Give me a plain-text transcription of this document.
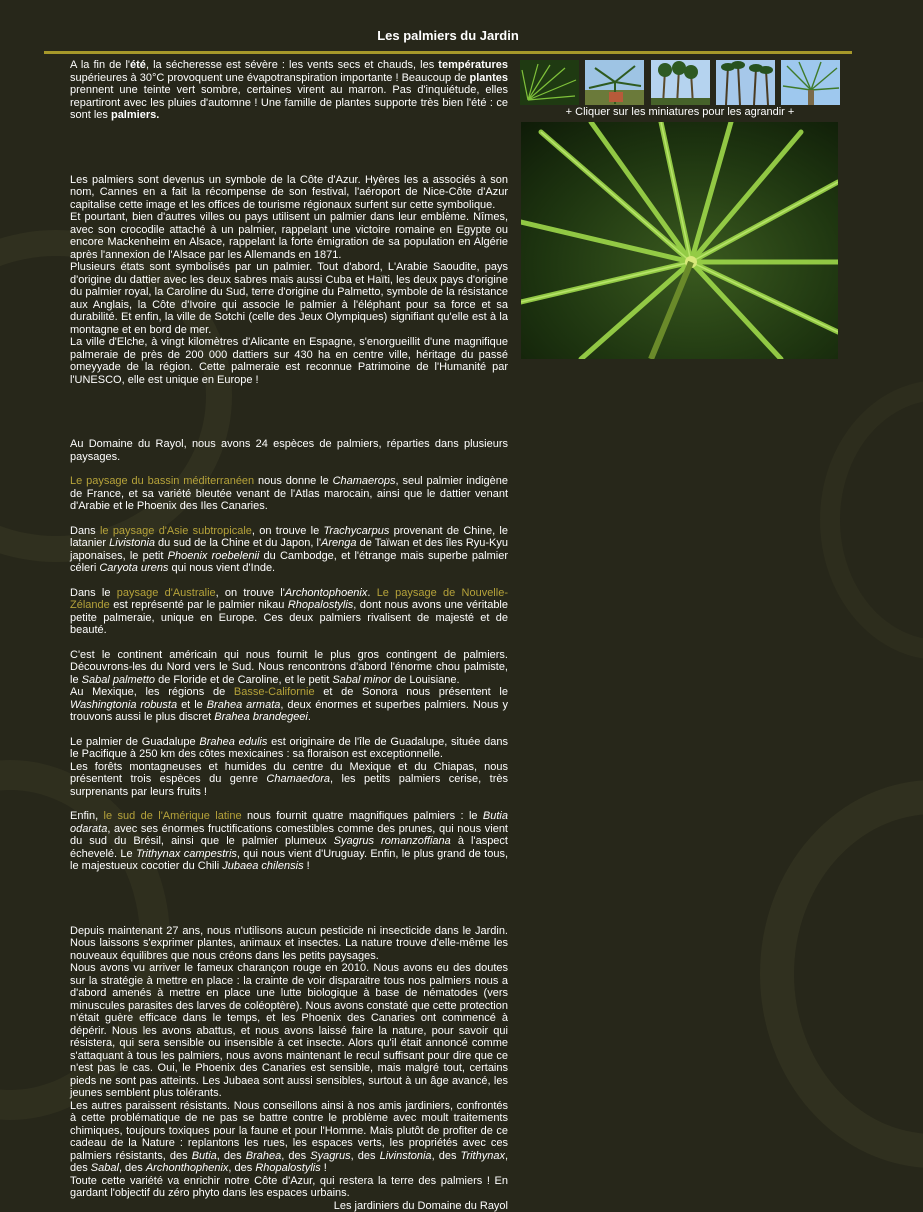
Les palmiers du Jardin

A la fin de l'été, la sécheresse est sévère : les vents secs et chauds, les températures supérieures à 30°C provoquent une évapotranspiration importante ! Beaucoup de plantes prennent une teinte vert sombre, certaines virent au marron. Pas d'inquiétude, elles repartiront avec les pluies d'automne ! Une famille de plantes supporte très bien l'été : ce sont les palmiers.

Les palmiers sont devenus un symbole de la Côte d'Azur. Hyères les a associés à son nom, Cannes en a fait la récompense de son festival, l'aéroport de Nice-Côte d'Azur capitalise cette image et les offices de tourisme régionaux surfent sur cette symbolique.

Et pourtant, bien d'autres villes ou pays utilisent un palmier dans leur emblème. Nîmes, avec son crocodile attaché à un palmier, rappelant une victoire romaine en Egypte ou encore Mackenheim en Alsace, rappelant la forte émigration de sa population en Algérie après l'annexion de l'Alsace par les Allemands en 1871.

Plusieurs états sont symbolisés par un palmier. Tout d'abord, L'Arabie Saoudite, pays d'origine du dattier avec les deux sabres mais aussi Cuba et Haïti, les deux pays d'origine du palmier royal, la Caroline du Sud, terre d'origine du Palmetto, symbole de la résistance aux Anglais, la Côte d'Ivoire qui associe le palmier à l'éléphant pour sa force et sa durabilité. Et enfin, la ville de Sotchi (celle des Jeux Olympiques) signifiant qu'elle est à la montagne et en bord de mer.

La ville d'Elche, à vingt kilomètres d'Alicante en Espagne, s'enorgueillit d'une magnifique palmeraie de près de 200 000 dattiers sur 430 ha en centre ville, héritage du passé omeyyade de la région. Cette palmeraie est reconnue Patrimoine de l'Humanité par l'UNESCO, elle est unique en Europe !

Au Domaine du Rayol, nous avons 24 espèces de palmiers, réparties dans plusieurs paysages.

Le paysage du bassin méditerranéen nous donne le Chamaerops, seul palmier indigène de France, et sa variété bleutée venant de l'Atlas marocain, ainsi que le dattier venant d'Arabie et le Phoenix des Iles Canaries.

Dans le paysage d'Asie subtropicale, on trouve le Trachycarpus provenant de Chine, le latanier Livistonia du sud de la Chine et du Japon, l'Arenga de Taïwan et des îles Ryu-Kyu japonaises, le petit Phoenix roebelenii du Cambodge, et l'étrange mais superbe palmier céleri Caryota urens qui nous vient d'Inde.

Dans le paysage d'Australie, on trouve l'Archontophoenix. Le paysage de Nouvelle-Zélande est représenté par le palmier nikau Rhopalostylis, dont nous avons une véritable petite palmeraie, unique en Europe. Ces deux palmiers rivalisent de majesté et de beauté.

C'est le continent américain qui nous fournit le plus gros contingent de palmiers. Découvrons-les du Nord vers le Sud. Nous rencontrons d'abord l'énorme chou palmiste, le Sabal palmetto de Floride et de Caroline, et le petit Sabal minor de Louisiane.

Au Mexique, les régions de Basse-Californie et de Sonora nous présentent le Washingtonia robusta et le Brahea armata, deux énormes et superbes palmiers. Nous y trouvons aussi le plus discret Brahea brandegeei.

Le palmier de Guadalupe Brahea edulis est originaire de l'île de Guadalupe, située dans le Pacifique à 250 km des côtes mexicaines : sa floraison est exceptionnelle.

Les forêts montagneuses et humides du centre du Mexique et du Chiapas, nous présentent trois espèces du genre Chamaedora, les petits palmiers cerise, très surprenants par leurs fruits !

Enfin, le sud de l'Amérique latine nous fournit quatre magnifiques palmiers : le Butia odarata, avec ses énormes fructifications comestibles comme des prunes, qui nous vient du sud du Brésil, ainsi que le palmier plumeux Syagrus romanzoffiana à l'aspect échevelé. Le Trithynax campestris, qui nous vient d'Uruguay. Enfin, le plus grand de tous, le majestueux cocotier du Chili Jubaea chilensis !

Depuis maintenant 27 ans, nous n'utilisons aucun pesticide ni insecticide dans le Jardin. Nous laissons s'exprimer plantes, animaux et insectes. La nature trouve d'elle-même les nouveaux équilibres que nous créons dans les petits paysages.

Nous avons vu arriver le fameux charançon rouge en 2010. Nous avons eu des doutes sur la stratégie à mettre en place : la crainte de voir disparaitre tous nos palmiers nous a d'abord amenés à mettre en place une lutte biologique à base de nématodes (vers minuscules parasites des larves de coléoptère). Nous avons constaté que cette protection n'était guère efficace dans le temps, et les Phoenix des Canaries ont commencé à dépérir. Nous les avons abattus, et nous avons laissé faire la nature, pour savoir qui résistera, qui sera sensible ou insensible à cet insecte. Alors qu'il était annoncé comme s'attaquant à tous les palmiers, nous avons maintenant le recul suffisant pour dire que ce n'est pas le cas. Oui, le Phoenix des Canaries est sensible, mais malgré tout, certains pieds ne sont pas atteints. Les Jubaea sont aussi sensibles, surtout à un âge avancé, les jeunes semblent plus tolérants.

Les autres paraissent résistants. Nous conseillons ainsi à nos amis jardiniers, confrontés à cette problématique de ne pas se battre contre le problème avec moult traitements chimiques, toujours toxiques pour la faune et pour l'Homme. Mais plutôt de profiter de ce cadeau de la Nature : replantons les rues, les espaces verts, les propriétés avec ces palmiers résistants, des Butia, des Brahea, des Syagrus, des Livinstonia, des Trithynax, des Sabal, des Archonthophenix, des Rhopalostylis !

Toute cette variété va enrichir notre Côte d'Azur, qui restera la terre des palmiers ! En gardant l'objectif du zéro phyto dans les espaces urbains.

Les jardiniers du Domaine du Rayol

+ Cliquer sur les miniatures pour les agrandir +
